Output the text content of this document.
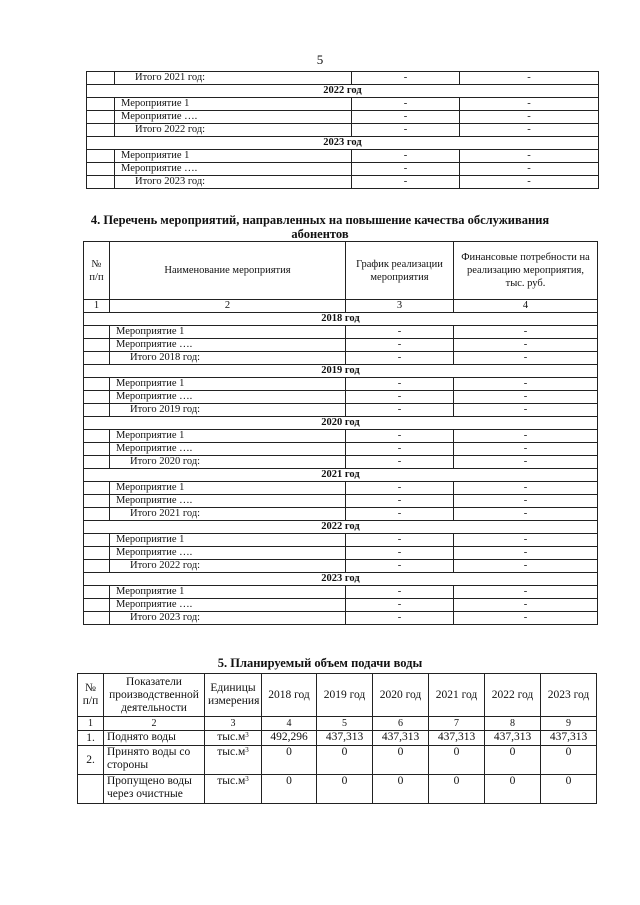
5
	Итого 2021 год:	-	-
2022 год			
	Мероприятие 1	-	-
	Мероприятие ….	-	-
	Итого 2022 год:	-	-
2023 год			
	Мероприятие 1	-	-
	Мероприятие ….	-	-
	Итого 2023 год:	-	-
4. Перечень мероприятий, направленных на повышение качества обслуживания
абонентов
№ п/п	Наименование мероприятия	График реализации мероприятия	Финансовые потребности на реализацию мероприятия, тыс. руб.
1	2	3	4
2018 год			
	Мероприятие 1	-	-
	Мероприятие ….	-	-
	Итого 2018 год:	-	-
2019 год			
	Мероприятие 1	-	-
	Мероприятие ….	-	-
	Итого 2019 год:	-	-
2020 год			
	Мероприятие 1	-	-
	Мероприятие ….	-	-
	Итого 2020 год:	-	-
2021 год			
	Мероприятие 1	-	-
	Мероприятие ….	-	-
	Итого 2021 год:	-	-
2022 год			
	Мероприятие 1	-	-
	Мероприятие ….	-	-
	Итого 2022 год:	-	-
2023 год			
	Мероприятие 1	-	-
	Мероприятие ….	-	-
	Итого 2023 год:	-	-
5. Планируемый объем подачи воды
№ п/п	Показатели производственной деятельности	Единицы измерения	2018 год	2019 год	2020 год	2021 год	2022 год	2023 год
1	2	3	4	5	6	7	8	9
1.	Поднято воды	$тыс.м^3$	492,296	437,313	437,313	437,313	437,313	437,313
2.	Принято воды со стороны	$тыс.м^3$	0	0	0	0	0	0
	Пропущено воды через очистные	$тыс.м^3$	0	0	0	0	0	0
